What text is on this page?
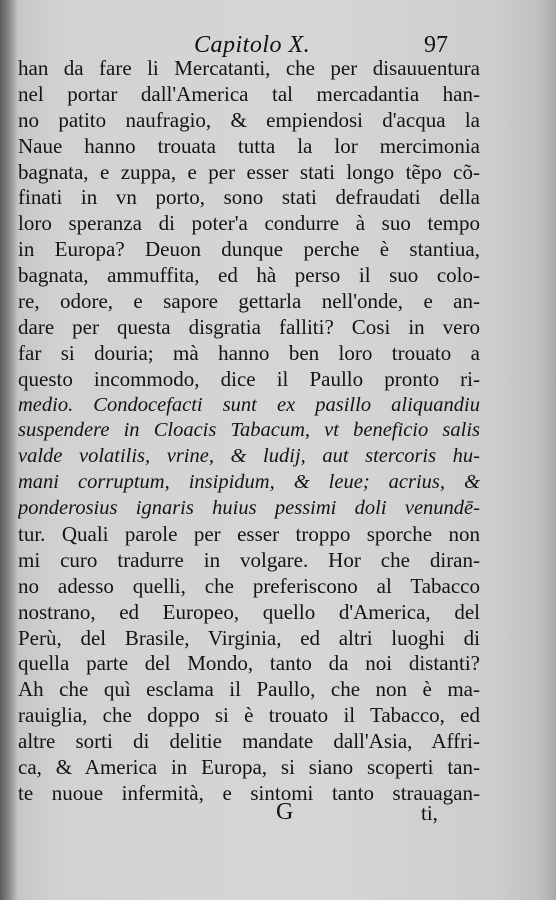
Capitolo X.	97
han da fare li Mercatanti, che per disauuentura
nel portar dall'America tal mercadantia han-
no patito naufragio, & empiendosi d'acqua la
Naue hanno trouata tutta la lor mercimonia
bagnata, e zuppa, e per esser stati longo tẽpo cõ-
finati in vn porto, sono stati defraudati della
loro speranza di poter'a condurre à suo tempo
in Europa? Deuon dunque perche è stantiua,
bagnata, ammuffita, ed hà perso il suo colo-
re, odore, e sapore gettarla nell'onde, e an-
dare per questa disgratia falliti? Cosi in vero
far si douria; mà hanno ben loro trouato a
questo incommodo, dice il Paullo pronto ri-
medio. Condocefacti sunt ex pasillo aliquandiu
suspendere in Cloacis Tabacum, vt beneficio salis
valde volatilis, vrine, & ludij, aut stercoris hu-
mani corruptum, insipidum, & leue; acrius, &
ponderosius ignaris huius pessimi doli venundē-
tur. Quali parole per esser troppo sporche non
mi curo tradurre in volgare. Hor che diran-
no adesso quelli, che preferiscono al Tabacco
nostrano, ed Europeo, quello d'America, del
Perù, del Brasile, Virginia, ed altri luoghi di
quella parte del Mondo, tanto da noi distanti?
Ah che quì esclama il Paullo, che non è ma-
rauiglia, che doppo si è trouato il Tabacco, ed
altre sorti di delitie mandate dall'Asia, Affri-
ca, & America in Europa, si siano scoperti tan-
te nuoue infermità, e sintomi tanto strauagan-
G	ti,
